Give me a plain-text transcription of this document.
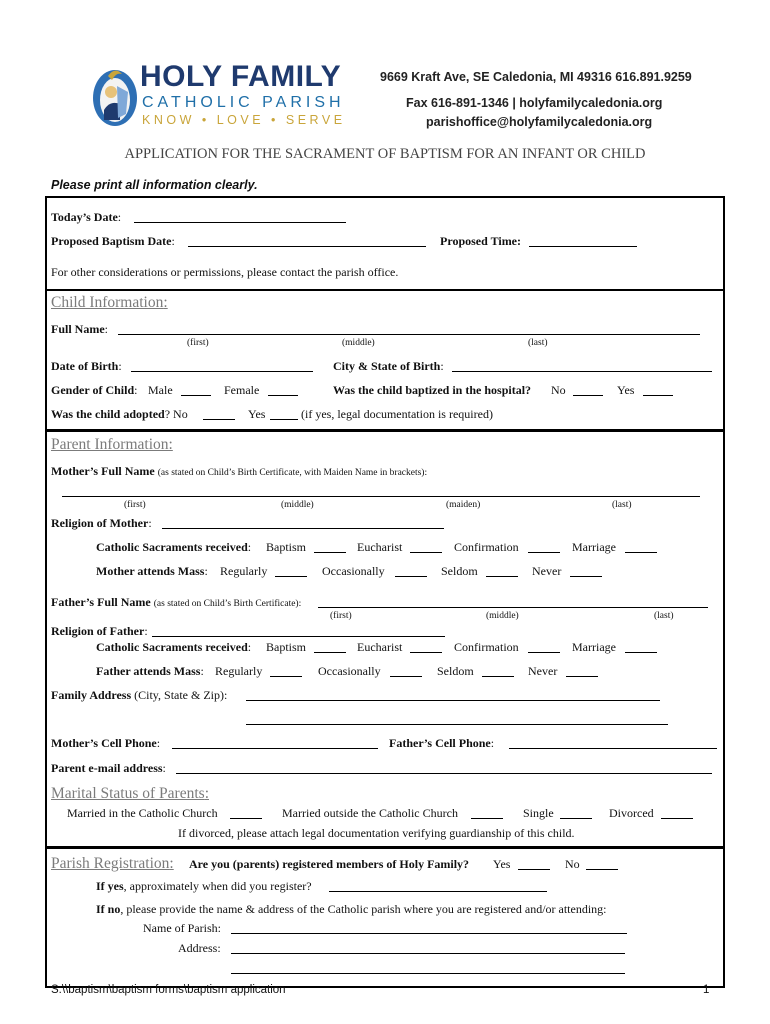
HOLY FAMILY
CATHOLIC PARISH
KNOW • LOVE • SERVE
9669 Kraft Ave, SE Caledonia, MI 49316 616.891.9259
Fax 616-891-1346 | holyfamilycaledonia.org
parishoffice@holyfamilycaledonia.org
APPLICATION FOR THE SACRAMENT OF BAPTISM FOR AN INFANT OR CHILD
Please print all information clearly.
Today’s Date:
Proposed Baptism Date:	Proposed Time:
For other considerations or permissions, please contact the parish office.
Child Information:
Full Name:
(first)	(middle)	(last)
Date of Birth:	City & State of Birth:
Gender of Child: Male	Female	Was the child baptized in the hospital? No	Yes
Was the child adopted? No	Yes	(if yes, legal documentation is required)
Parent Information:
Mother’s Full Name (as stated on Child’s Birth Certificate, with Maiden Name in brackets):
(first)	(middle)	(maiden)	(last)
Religion of Mother:
Catholic Sacraments received: Baptism	Eucharist	Confirmation	Marriage
Mother attends Mass: Regularly	Occasionally	Seldom	Never
Father’s Full Name (as stated on Child’s Birth Certificate):
(first)	(middle)	(last)
Religion of Father:
Catholic Sacraments received: Baptism	Eucharist	Confirmation	Marriage
Father attends Mass: Regularly	Occasionally	Seldom	Never
Family Address (City, State & Zip):
Mother’s Cell Phone:	Father’s Cell Phone:
Parent e-mail address:
Marital Status of Parents:
Married in the Catholic Church	Married outside the Catholic Church	Single	Divorced
If divorced, please attach legal documentation verifying guardianship of this child.
Parish Registration: Are you (parents) registered members of Holy Family? Yes	No
If yes, approximately when did you register?
If no, please provide the name & address of the Catholic parish where you are registered and/or attending:
Name of Parish:
Address:
S:\\baptism\baptism forms\baptism application	1
